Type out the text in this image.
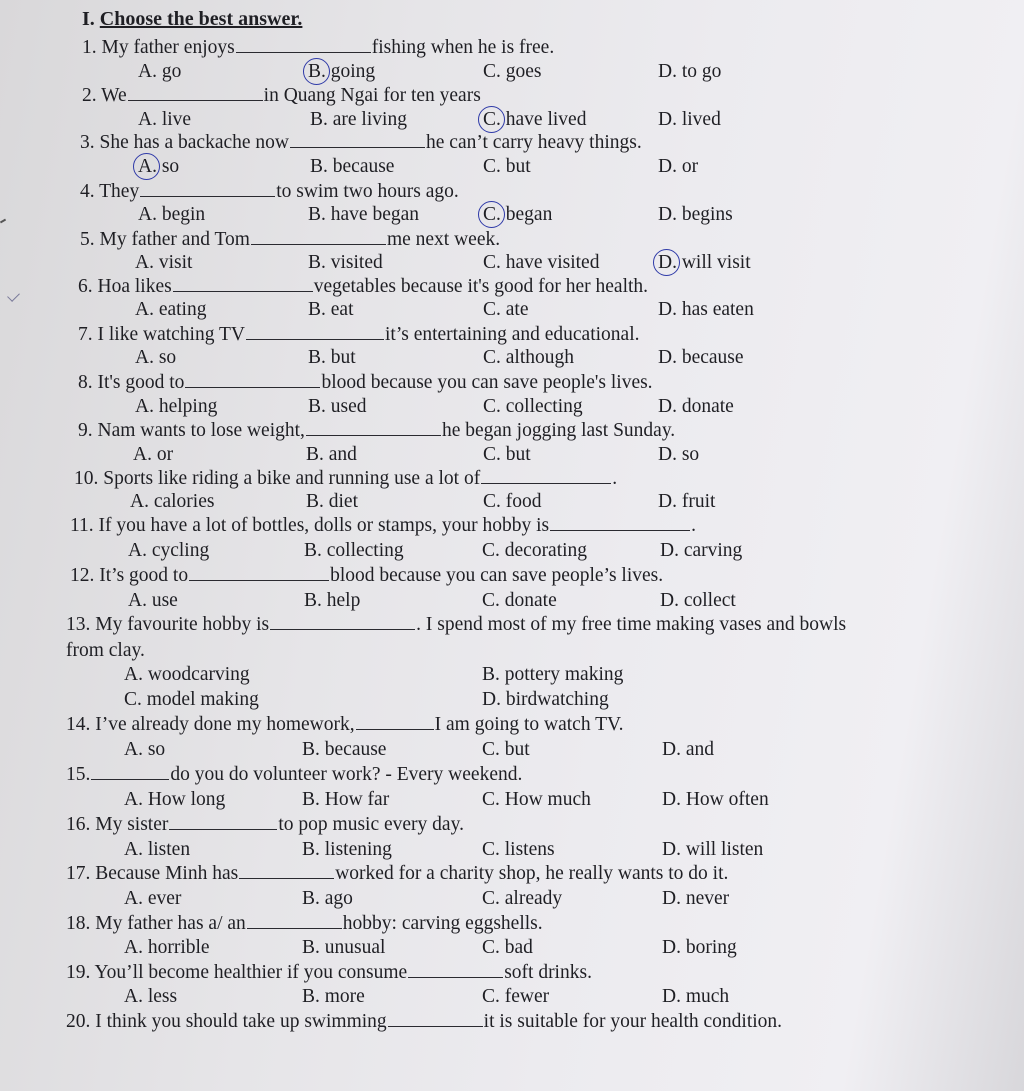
I. Choose the best answer.
1. My father enjoys	fishing when he is free.
A. go	B. going	C. goes	D. to go
2. We	in Quang Ngai for ten years
A. live	B. are living	C. have lived	D. lived
3. She has a backache now	he can’t carry heavy things.
A. so	B. because	C. but	D. or
4. They	to swim two hours ago.
A. begin	B. have began	C. began	D. begins
5. My father and Tom	me next week.
A. visit	B. visited	C. have visited	D. will visit
6. Hoa likes	vegetables because it's good for her health.
A. eating	B. eat	C. ate	D. has eaten
7. I like watching TV	it’s entertaining and educational.
A. so	B. but	C. although	D. because
8. It's good to	blood because you can save people's lives.
A. helping	B. used	C. collecting	D. donate
9. Nam wants to lose weight,	he began jogging last Sunday.
A. or	B. and	C. but	D. so
10. Sports like riding a bike and running use a lot of	.
A. calories	B. diet	C. food	D. fruit
11. If you have a lot of bottles, dolls or stamps, your hobby is	.
A. cycling	B. collecting	C. decorating	D. carving
12. It’s good to	blood because you can save people’s lives.
A. use	B. help	C. donate	D. collect
13. My favourite hobby is	. I spend most of my free time making vases and bowls
from clay.
A. woodcarving	B. pottery making
C. model making	D. birdwatching
14. I’ve already done my homework,	I am going to watch TV.
A. so	B. because	C. but	D. and
15.	do you do volunteer work? - Every weekend.
A. How long	B. How far	C. How much	D. How often
16. My sister	to pop music every day.
A. listen	B. listening	C. listens	D. will listen
17. Because Minh has	worked for a charity shop, he really wants to do it.
A. ever	B. ago	C. already	D. never
18. My father has a/ an	hobby: carving eggshells.
A. horrible	B. unusual	C. bad	D. boring
19. You’ll become healthier if you consume	soft drinks.
A. less	B. more	C. fewer	D. much
20. I think you should take up swimming	it is suitable for your health condition.
